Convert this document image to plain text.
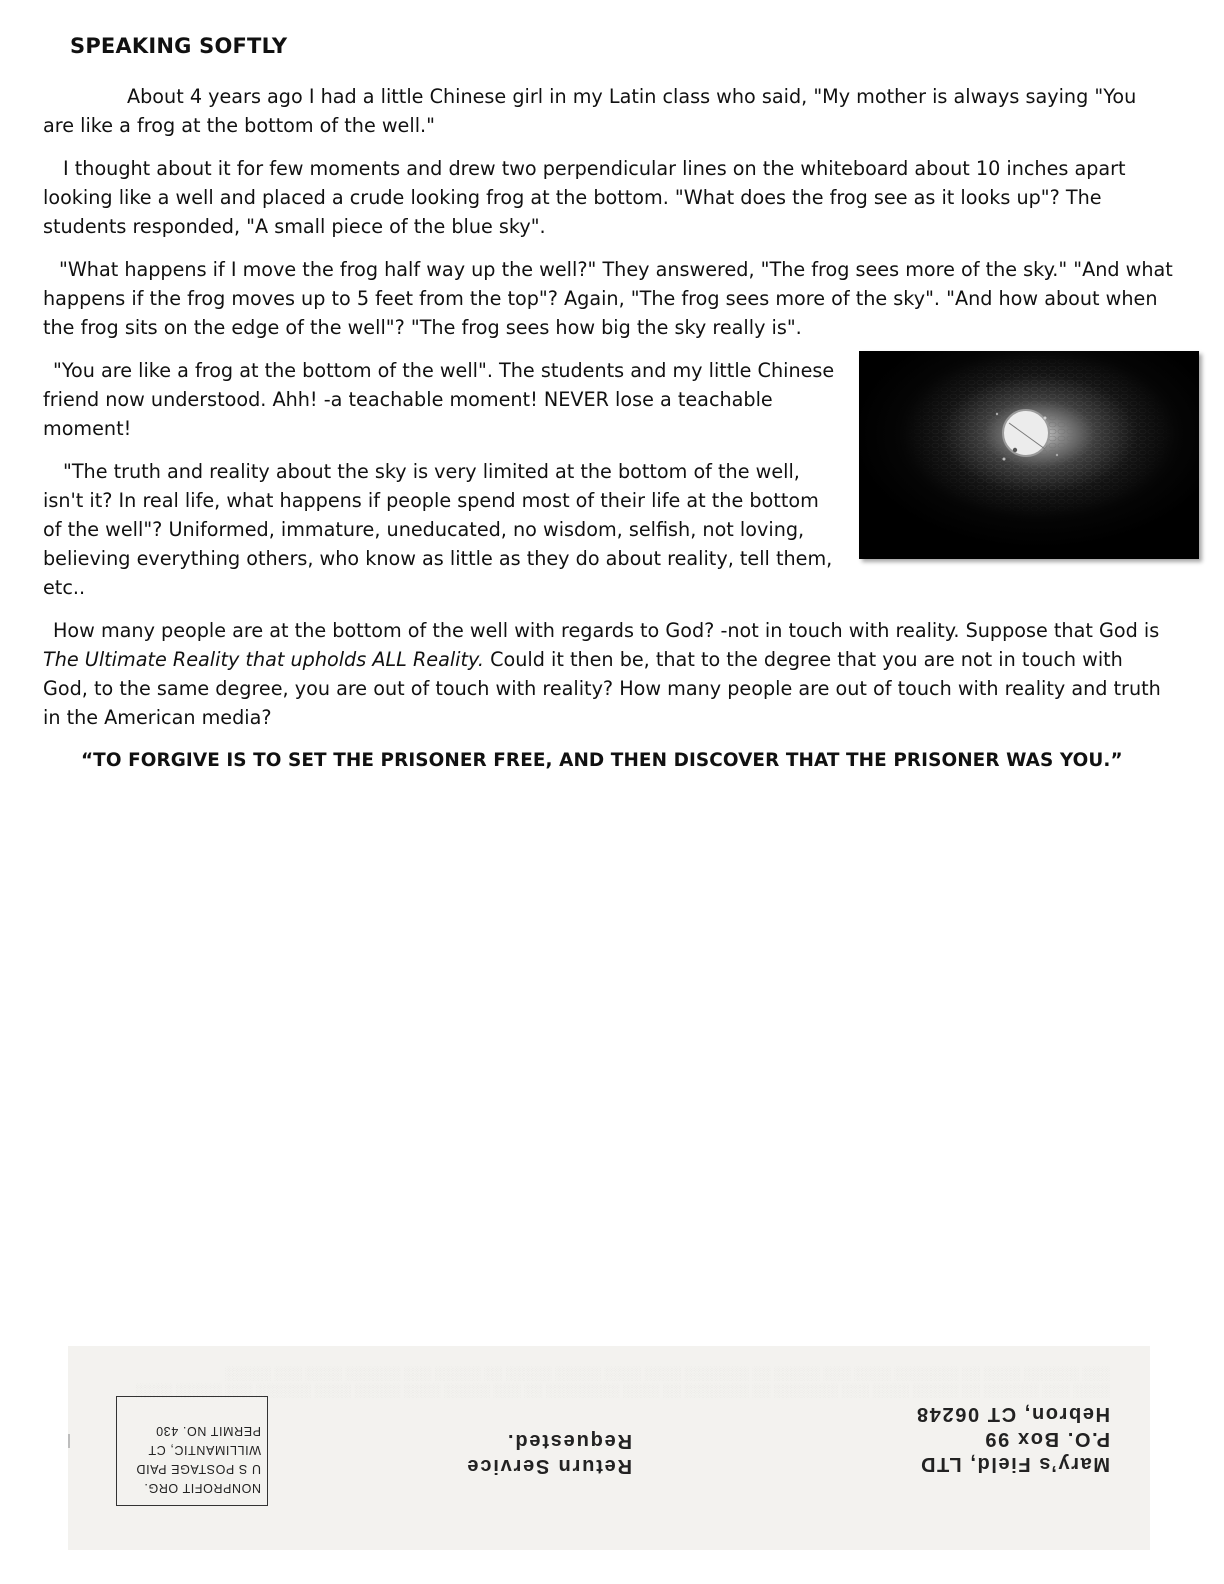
SPEAKING SOFTLY

About 4 years ago I had a little Chinese girl in my Latin class who said, "My mother is always saying "You are like a frog at the bottom of the well."

I thought about it for few moments and drew two perpendicular lines on the whiteboard about 10 inches apart looking like a well and placed a crude looking frog at the bottom. "What does the frog see as it looks up"? The students responded, "A small piece of the blue sky".

"What happens if I move the frog half way up the well?" They answered, "The frog sees more of the sky." "And what happens if the frog moves up to 5 feet from the top"? Again, "The frog sees more of the sky". "And how about when the frog sits on the edge of the well"? "The frog sees how big the sky really is".

"You are like a frog at the bottom of the well". The students and my little Chinese friend now understood. Ahh! -a teachable moment! NEVER lose a teachable moment!

"The truth and reality about the sky is very limited at the bottom of the well, isn't it? In real life, what happens if people spend most of their life at the bottom of the well"? Uniformed, immature, uneducated, no wisdom, selfish, not loving, believing everything others, who know as little as they do about reality, tell them, etc..

How many people are at the bottom of the well with regards to God? -not in touch with reality. Suppose that God is The Ultimate Reality that upholds ALL Reality. Could it then be, that to the degree that you are not in touch with God, to the same degree, you are out of touch with reality? How many people are out of touch with reality and truth in the American media?

“TO FORGIVE IS TO SET THE PRISONER FREE, AND THEN DISCOVER THAT THE PRISONER WAS YOU.”

░░░░ ░░░ ░░░░░░ ░░ ░░░░░ ░░░░ ░░░ ░░░░░░░ ░░ ░░░░░░░ ░░ ░░░░ ░░░░░░░░ ░░ ░░░ ░░░░░ ░░░░ ░░░░░ ░░░░ ░░░░░░ ░░░ ░░░░░ ░░░░
░░░ ░░░░░░ ░░░░ ░░ ░░░░░░░ ░░░░ ░░░ ░░░░░ ░░ ░░░░░░░ ░░░░ ░░░░ ░░░░░ ░░░░░ ░░ ░░░░░ ░░░ ░░░░░░ ░░░░ ░░░ ░░░░░
NONPROFIT ORG.
U S POSTAGE PAID
WILLIMANTIC, CT
PERMIT NO. 430
Return Service
Requested.
Mary’s Field, LTD
P.O. Box 99
Hebron, CT 06248
